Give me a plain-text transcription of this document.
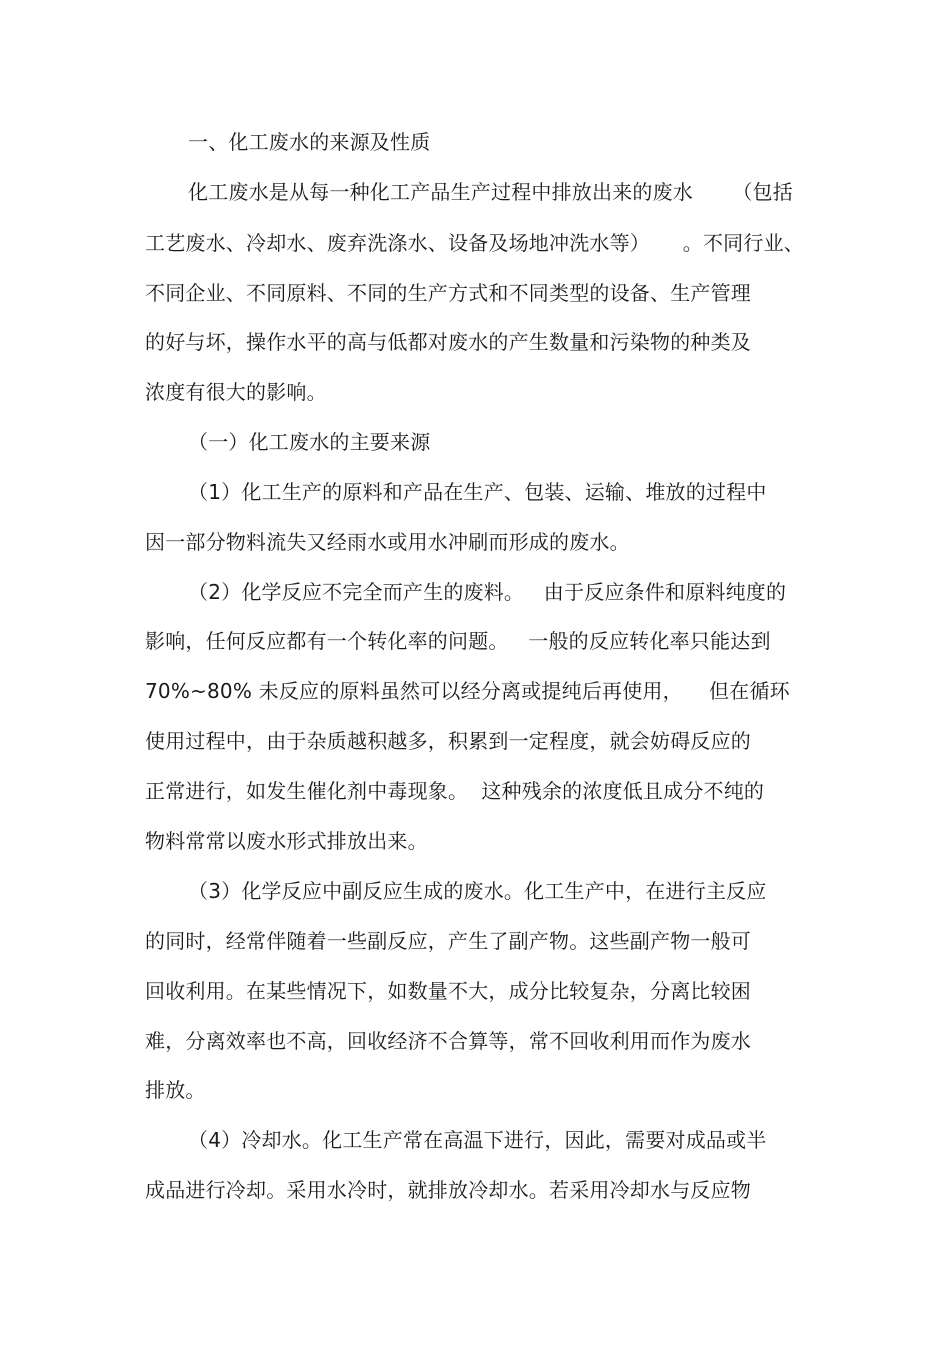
一、化工废水的来源及性质
化工废水是从每一种化工产品生产过程中排放出来的废水      （包括
工艺废水、冷却水、废弃洗涤水、设备及场地冲洗水等）     。不同行业、
不同企业、不同原料、不同的生产方式和不同类型的设备、生产管理
的好与坏，操作水平的高与低都对废水的产生数量和污染物的种类及
浓度有很大的影响。
（一）化工废水的主要来源
（1）化工生产的原料和产品在生产、包装、运输、堆放的过程中
因一部分物料流失又经雨水或用水冲刷而形成的废水。
（2）化学反应不完全而产生的废料。   由于反应条件和原料纯度的
影响，任何反应都有一个转化率的问题。   一般的反应转化率只能达到
70%~80% 未反应的原料虽然可以经分离或提纯后再使用，    但在循环
使用过程中，由于杂质越积越多，积累到一定程度，就会妨碍反应的
正常进行，如发生催化剂中毒现象。  这种残余的浓度低且成分不纯的
物料常常以废水形式排放出来。
（3）化学反应中副反应生成的废水。化工生产中，在进行主反应
的同时，经常伴随着一些副反应，产生了副产物。这些副产物一般可
回收利用。在某些情况下，如数量不大，成分比较复杂，分离比较困
难，分离效率也不高，回收经济不合算等，常不回收利用而作为废水
排放。
（4）冷却水。化工生产常在高温下进行，因此，需要对成品或半
成品进行冷却。采用水冷时，就排放冷却水。若采用冷却水与反应物
